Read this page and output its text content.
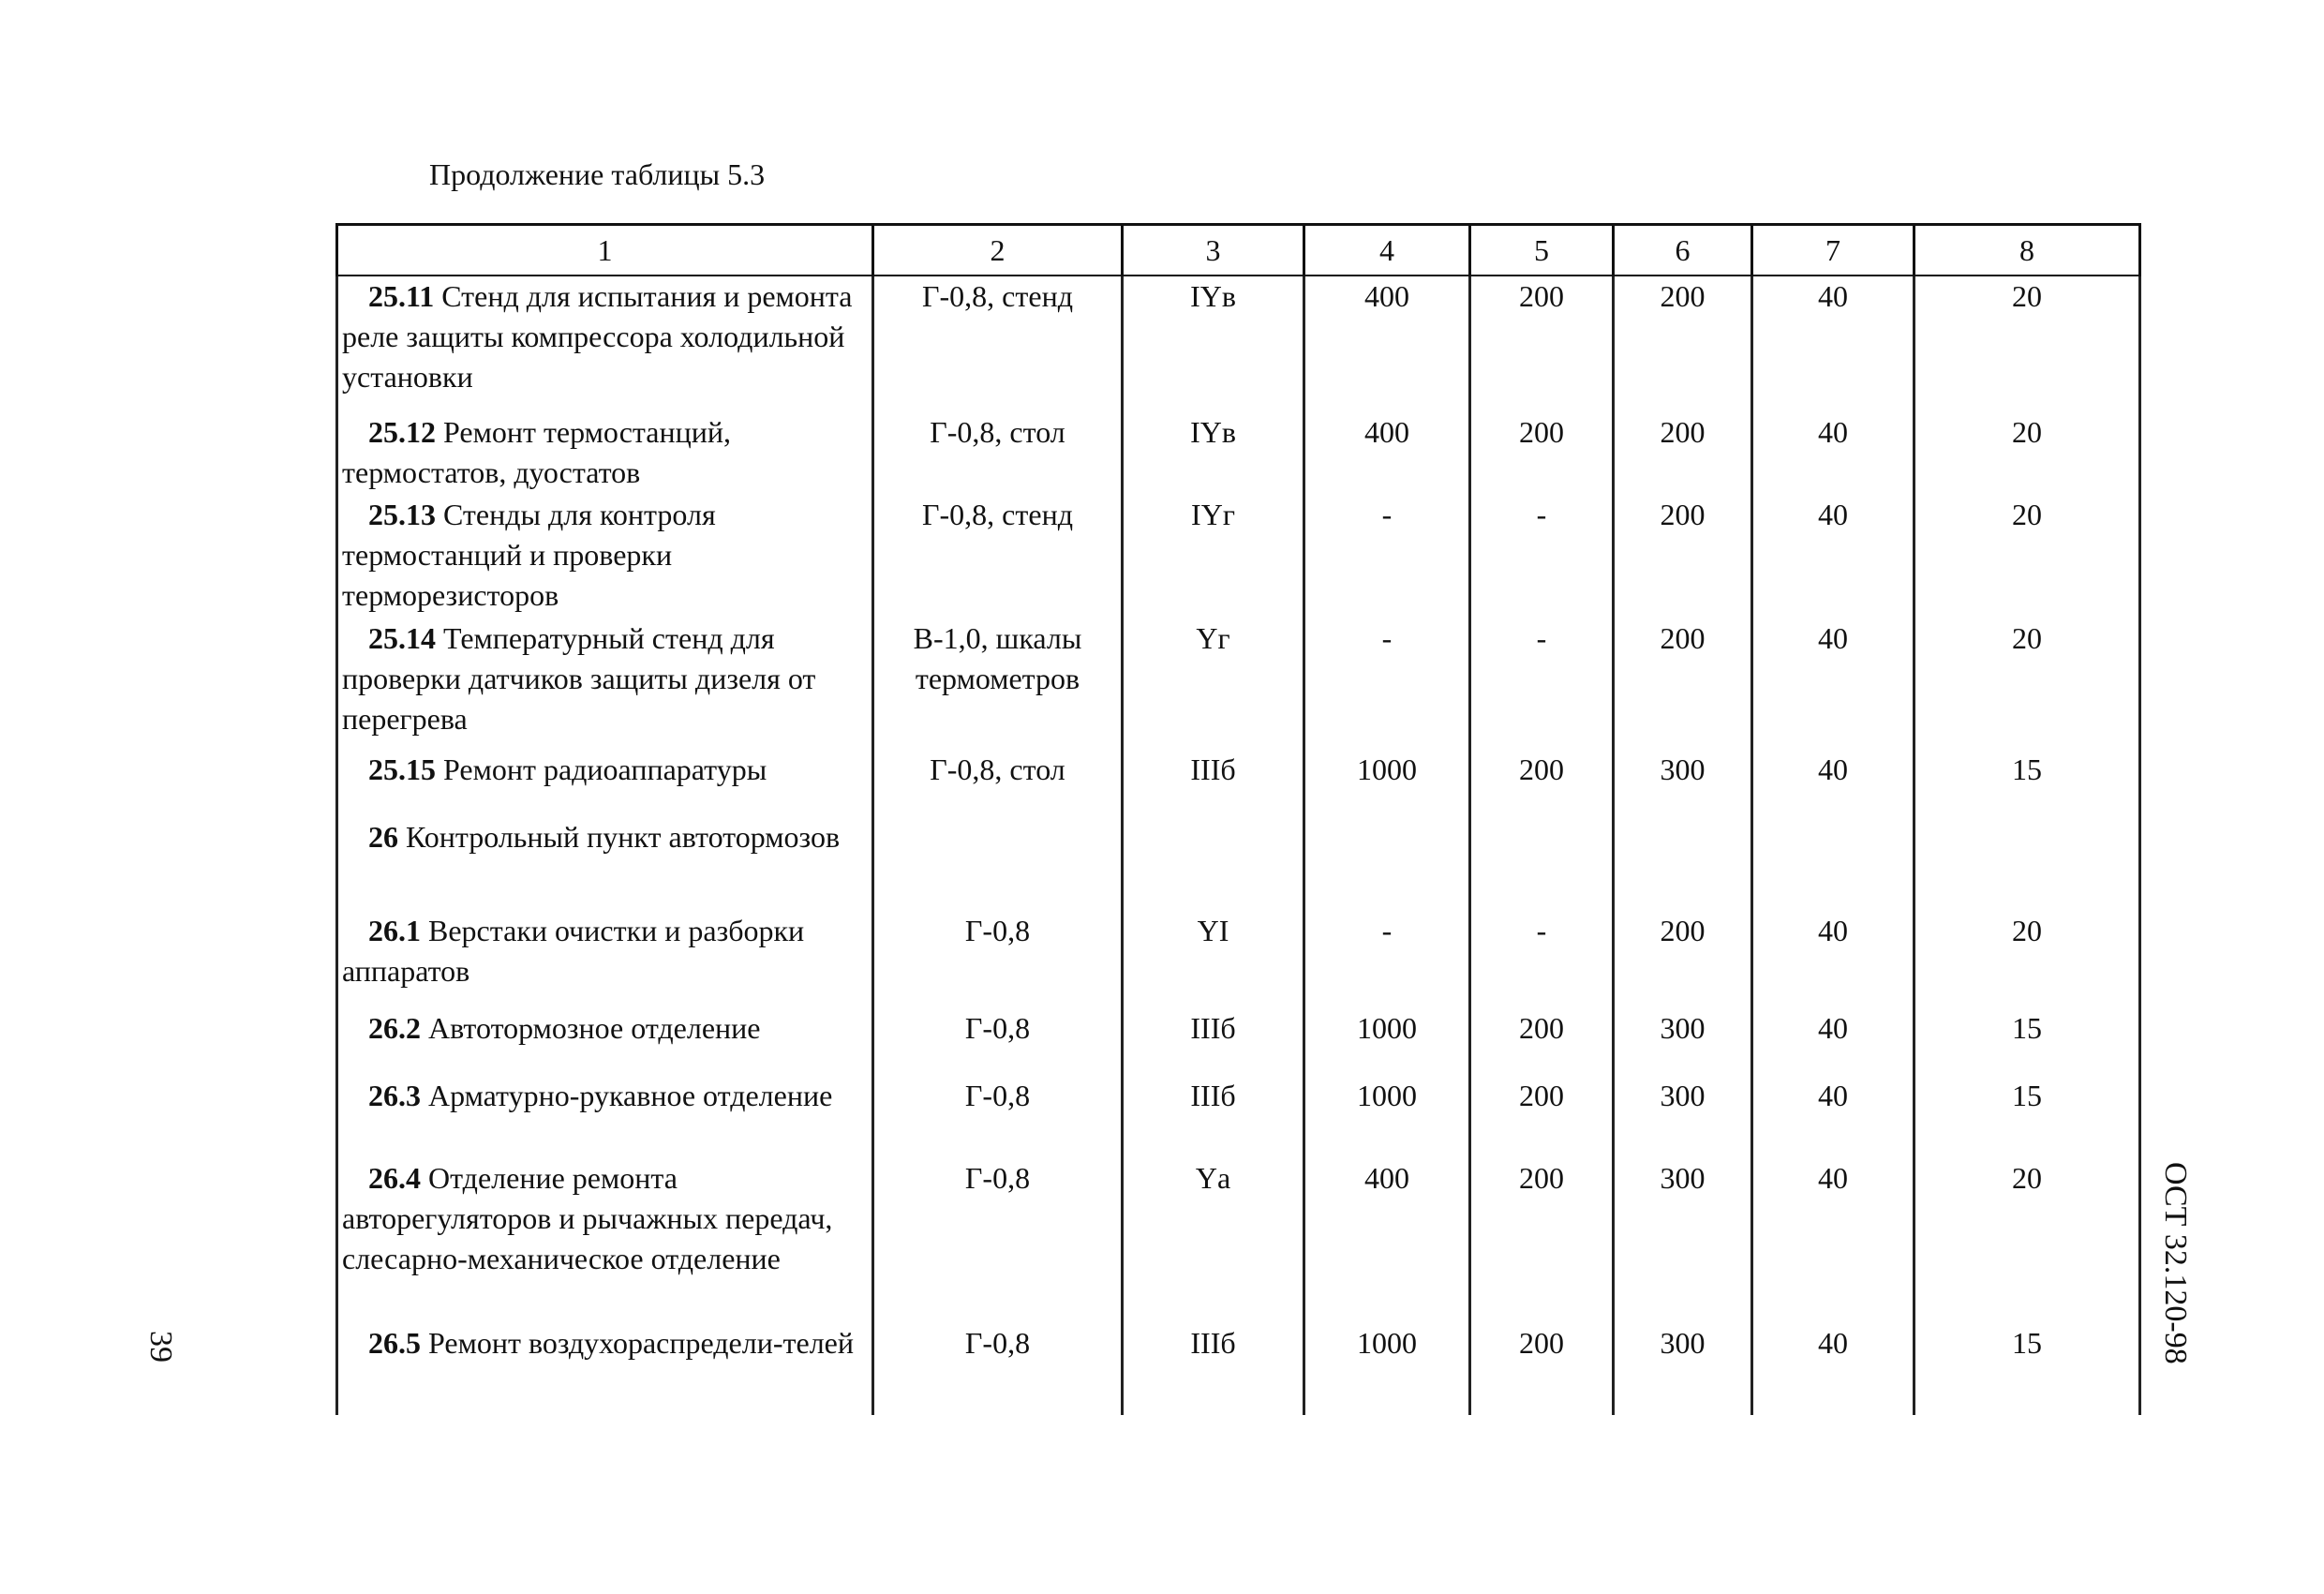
Продолжение таблицы 5.3
1	2	3	4	5	6	7	8
25.11 Стенд для испытания и ремонта реле защиты компрессора холодильной установки	Г-0,8, стенд	IYв	400	200	200	40	20
25.12 Ремонт термостанций, термостатов, дуостатов	Г-0,8, стол	IYв	400	200	200	40	20
25.13 Стенды для контроля термостанций и проверки терморезисторов	Г-0,8, стенд	IYг	-	-	200	40	20
25.14 Температурный стенд для проверки датчиков защиты дизеля от перегрева	В-1,0, шкалы термометров	Yг	-	-	200	40	20
25.15 Ремонт радиоаппаратуры	Г-0,8, стол	IIIб	1000	200	300	40	15
26 Контрольный пункт автотормозов							
26.1 Верстаки очистки и разборки аппаратов	Г-0,8	YI	-	-	200	40	20
26.2 Автотормозное отделение	Г-0,8	IIIб	1000	200	300	40	15
26.3 Арматурно-рукавное отделение	Г-0,8	IIIб	1000	200	300	40	15
26.4 Отделение ремонта авторегуляторов и рычажных передач, слесарно-механическое отделение	Г-0,8	Yа	400	200	300	40	20
26.5 Ремонт воздухораспредели-телей	Г-0,8	IIIб	1000	200	300	40	15	ОСТ 32.120-98
39
